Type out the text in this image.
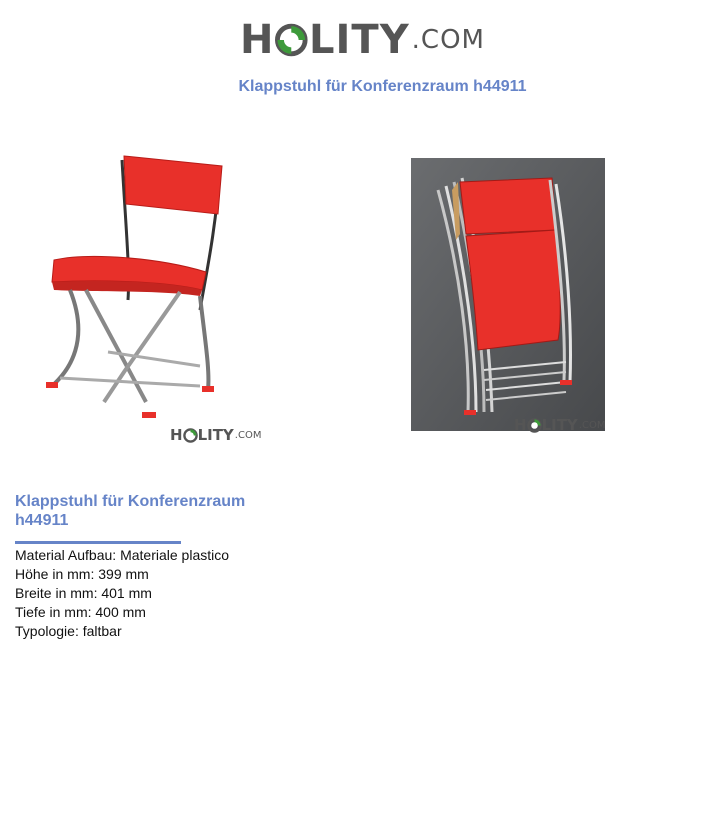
H LITY .COM
Klappstuhl für Konferenzraum h44911
H LITY .COM
H LITY .COM
Klappstuhl für Konferenzraum h44911
Material Aufbau: Materiale plastico
Höhe in mm: 399 mm
Breite in mm: 401 mm
Tiefe in mm: 400 mm
Typologie: faltbar
